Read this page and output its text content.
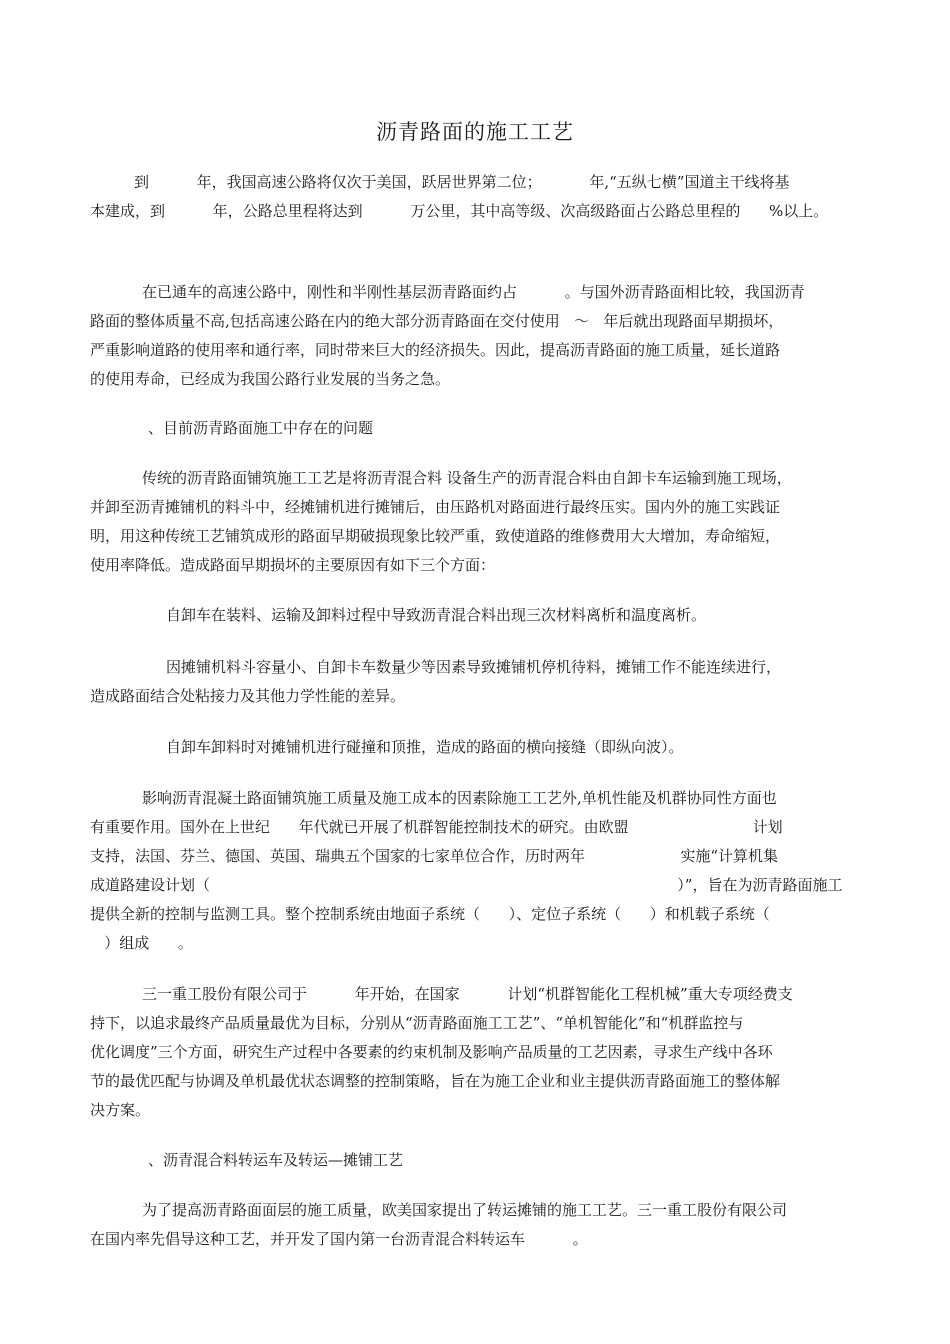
沥青路面的施工工艺
到          年，我国高速公路将仅次于美国，跃居世界第二位；          年,“五纵七横”国道主干线将基
本建成，到          年，公路总里程将达到          万公里，其中高等级、次高级路面占公路总里程的      %以上。
在已通车的高速公路中，刚性和半刚性基层沥青路面约占          。与国外沥青路面相比较，我国沥青
路面的整体质量不高,包括高速公路在内的绝大部分沥青路面在交付使用   ～   年后就出现路面早期损坏，
严重影响道路的使用率和通行率，同时带来巨大的经济损失。因此，提高沥青路面的施工质量，延长道路
的使用寿命，已经成为我国公路行业发展的当务之急。
、目前沥青路面施工中存在的问题
传统的沥青路面铺筑施工工艺是将沥青混合料 设备生产的沥青混合料由自卸卡车运输到施工现场，
并卸至沥青摊铺机的料斗中，经摊铺机进行摊铺后，由压路机对路面进行最终压实。国内外的施工实践证
明，用这种传统工艺铺筑成形的路面早期破损现象比较严重，致使道路的维修费用大大增加，寿命缩短，
使用率降低。造成路面早期损坏的主要原因有如下三个方面：
自卸车在装料、运输及卸料过程中导致沥青混合料出现三次材料离析和温度离析。
因摊铺机料斗容量小、自卸卡车数量少等因素导致摊铺机停机待料，摊铺工作不能连续进行，
造成路面结合处粘接力及其他力学性能的差异。
自卸车卸料时对摊铺机进行碰撞和顶推，造成的路面的横向接缝（即纵向波）。
影响沥青混凝土路面铺筑施工质量及施工成本的因素除施工工艺外,单机性能及机群协同性方面也
有重要作用。国外在上世纪      年代就已开展了机群智能控制技术的研究。由欧盟                          计划
支持，法国、芬兰、德国、英国、瑞典五个国家的七家单位合作，历时两年                    实施“计算机集
成道路建设计划（                                                                                                  ）”，旨在为沥青路面施工
提供全新的控制与监测工具。整个控制系统由地面子系统（      ）、定位子系统（      ）和机载子系统（
）组成      。
三一重工股份有限公司于          年开始，在国家          计划“机群智能化工程机械”重大专项经费支
持下，以追求最终产品质量最优为目标，分别从“沥青路面施工工艺”、“单机智能化”和“机群监控与
优化调度”三个方面，研究生产过程中各要素的约束机制及影响产品质量的工艺因素，寻求生产线中各环
节的最优匹配与协调及单机最优状态调整的控制策略，旨在为施工企业和业主提供沥青路面施工的整体解
决方案。
、沥青混合料转运车及转运—摊铺工艺
为了提高沥青路面面层的施工质量，欧美国家提出了转运摊铺的施工工艺。三一重工股份有限公司
在国内率先倡导这种工艺，并开发了国内第一台沥青混合料转运车          。
